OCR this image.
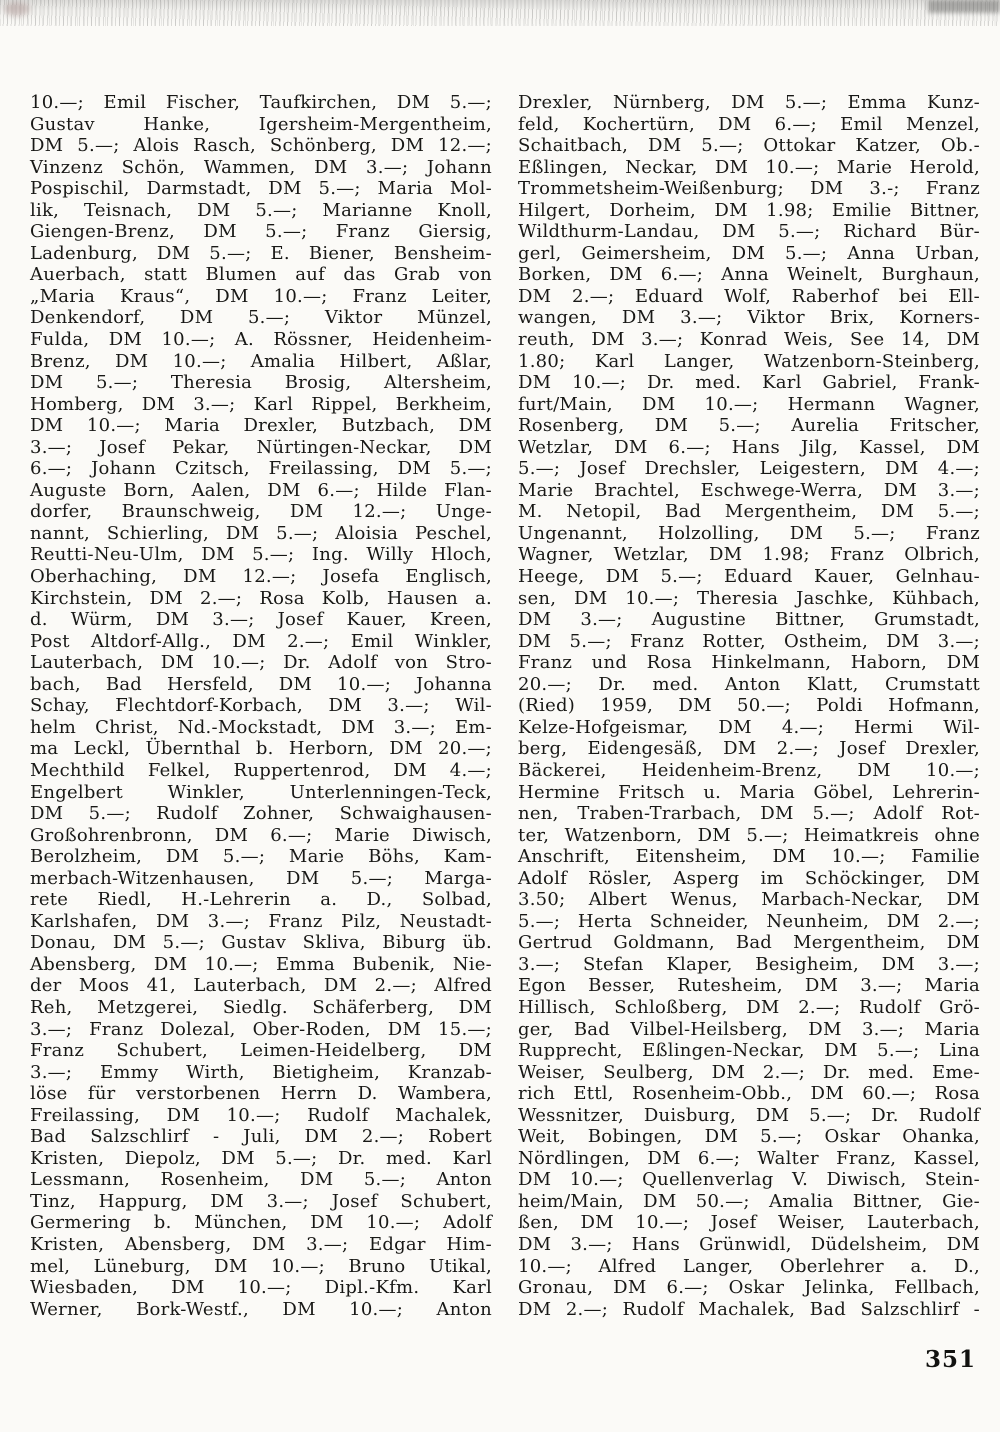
10.—; Emil Fischer, Taufkirchen, DM 5.—;
Gustav Hanke, Igersheim-Mergentheim,
DM 5.—; Alois Rasch, Schönberg, DM 12.—;
Vinzenz Schön, Wammen, DM 3.—; Johann
Pospischil, Darmstadt, DM 5.—; Maria Mol-
lik, Teisnach, DM 5.—; Marianne Knoll,
Giengen-Brenz, DM 5.—; Franz Giersig,
Ladenburg, DM 5.—; E. Biener, Bensheim-
Auerbach, statt Blumen auf das Grab von
„Maria Kraus“, DM 10.—; Franz Leiter,
Denkendorf, DM 5.—; Viktor Münzel,
Fulda, DM 10.—; A. Rössner, Heidenheim-
Brenz, DM 10.—; Amalia Hilbert, Aßlar,
DM 5.—; Theresia Brosig, Altersheim,
Homberg, DM 3.—; Karl Rippel, Berkheim,
DM 10.—; Maria Drexler, Butzbach, DM
3.—; Josef Pekar, Nürtingen-Neckar, DM
6.—; Johann Czitsch, Freilassing, DM 5.—;
Auguste Born, Aalen, DM 6.—; Hilde Flan-
dorfer, Braunschweig, DM 12.—; Unge-
nannt, Schierling, DM 5.—; Aloisia Peschel,
Reutti-Neu-Ulm, DM 5.—; Ing. Willy Hloch,
Oberhaching, DM 12.—; Josefa Englisch,
Kirchstein, DM 2.—; Rosa Kolb, Hausen a.
d. Würm, DM 3.—; Josef Kauer, Kreen,
Post Altdorf-Allg., DM 2.—; Emil Winkler,
Lauterbach, DM 10.—; Dr. Adolf von Stro-
bach, Bad Hersfeld, DM 10.—; Johanna
Schay, Flechtdorf-Korbach, DM 3.—; Wil-
helm Christ, Nd.-Mockstadt, DM 3.—; Em-
ma Leckl, Übernthal b. Herborn, DM 20.—;
Mechthild Felkel, Ruppertenrod, DM 4.—;
Engelbert Winkler, Unterlenningen-Teck,
DM 5.—; Rudolf Zohner, Schwaighausen-
Großohrenbronn, DM 6.—; Marie Diwisch,
Berolzheim, DM 5.—; Marie Böhs, Kam-
merbach-Witzenhausen, DM 5.—; Marga-
rete Riedl, H.-Lehrerin a. D., Solbad,
Karlshafen, DM 3.—; Franz Pilz, Neustadt-
Donau, DM 5.—; Gustav Skliva, Biburg üb.
Abensberg, DM 10.—; Emma Bubenik, Nie-
der Moos 41, Lauterbach, DM 2.—; Alfred
Reh, Metzgerei, Siedlg. Schäferberg, DM
3.—; Franz Dolezal, Ober-Roden, DM 15.—;
Franz Schubert, Leimen-Heidelberg, DM
3.—; Emmy Wirth, Bietigheim, Kranzab-
löse für verstorbenen Herrn D. Wambera,
Freilassing, DM 10.—; Rudolf Machalek,
Bad Salzschlirf - Juli, DM 2.—; Robert
Kristen, Diepolz, DM 5.—; Dr. med. Karl
Lessmann, Rosenheim, DM 5.—; Anton
Tinz, Happurg, DM 3.—; Josef Schubert,
Germering b. München, DM 10.—; Adolf
Kristen, Abensberg, DM 3.—; Edgar Him-
mel, Lüneburg, DM 10.—; Bruno Utikal,
Wiesbaden, DM 10.—; Dipl.-Kfm. Karl
Werner, Bork-Westf., DM 10.—; Anton
Drexler, Nürnberg, DM 5.—; Emma Kunz-
feld, Kochertürn, DM 6.—; Emil Menzel,
Schaitbach, DM 5.—; Ottokar Katzer, Ob.-
Eßlingen, Neckar, DM 10.—; Marie Herold,
Trommetsheim-Weißenburg; DM 3.-; Franz
Hilgert, Dorheim, DM 1.98; Emilie Bittner,
Wildthurm-Landau, DM 5.—; Richard Bür-
gerl, Geimersheim, DM 5.—; Anna Urban,
Borken, DM 6.—; Anna Weinelt, Burghaun,
DM 2.—; Eduard Wolf, Raberhof bei Ell-
wangen, DM 3.—; Viktor Brix, Korners-
reuth, DM 3.—; Konrad Weis, See 14, DM
1.80; Karl Langer, Watzenborn-Steinberg,
DM 10.—; Dr. med. Karl Gabriel, Frank-
furt/Main, DM 10.—; Hermann Wagner,
Rosenberg, DM 5.—; Aurelia Fritscher,
Wetzlar, DM 6.—; Hans Jilg, Kassel, DM
5.—; Josef Drechsler, Leigestern, DM 4.—;
Marie Brachtel, Eschwege-Werra, DM 3.—;
M. Netopil, Bad Mergentheim, DM 5.—;
Ungenannt, Holzolling, DM 5.—; Franz
Wagner, Wetzlar, DM 1.98; Franz Olbrich,
Heege, DM 5.—; Eduard Kauer, Gelnhau-
sen, DM 10.—; Theresia Jaschke, Kühbach,
DM 3.—; Augustine Bittner, Grumstadt,
DM 5.—; Franz Rotter, Ostheim, DM 3.—;
Franz und Rosa Hinkelmann, Haborn, DM
20.—; Dr. med. Anton Klatt, Crumstatt
(Ried) 1959, DM 50.—; Poldi Hofmann,
Kelze-Hofgeismar, DM 4.—; Hermi Wil-
berg, Eidengesäß, DM 2.—; Josef Drexler,
Bäckerei, Heidenheim-Brenz, DM 10.—;
Hermine Fritsch u. Maria Göbel, Lehrerin-
nen, Traben-Trarbach, DM 5.—; Adolf Rot-
ter, Watzenborn, DM 5.—; Heimatkreis ohne
Anschrift, Eitensheim, DM 10.—; Familie
Adolf Rösler, Asperg im Schöckinger, DM
3.50; Albert Wenus, Marbach-Neckar, DM
5.—; Herta Schneider, Neunheim, DM 2.—;
Gertrud Goldmann, Bad Mergentheim, DM
3.—; Stefan Klaper, Besigheim, DM 3.—;
Egon Besser, Rutesheim, DM 3.—; Maria
Hillisch, Schloßberg, DM 2.—; Rudolf Grö-
ger, Bad Vilbel-Heilsberg, DM 3.—; Maria
Rupprecht, Eßlingen-Neckar, DM 5.—; Lina
Weiser, Seulberg, DM 2.—; Dr. med. Eme-
rich Ettl, Rosenheim-Obb., DM 60.—; Rosa
Wessnitzer, Duisburg, DM 5.—; Dr. Rudolf
Weit, Bobingen, DM 5.—; Oskar Ohanka,
Nördlingen, DM 6.—; Walter Franz, Kassel,
DM 10.—; Quellenverlag V. Diwisch, Stein-
heim/Main, DM 50.—; Amalia Bittner, Gie-
ßen, DM 10.—; Josef Weiser, Lauterbach,
DM 3.—; Hans Grünwidl, Düdelsheim, DM
10.—; Alfred Langer, Oberlehrer a. D.,
Gronau, DM 6.—; Oskar Jelinka, Fellbach,
DM 2.—; Rudolf Machalek, Bad Salzschlirf -
351
